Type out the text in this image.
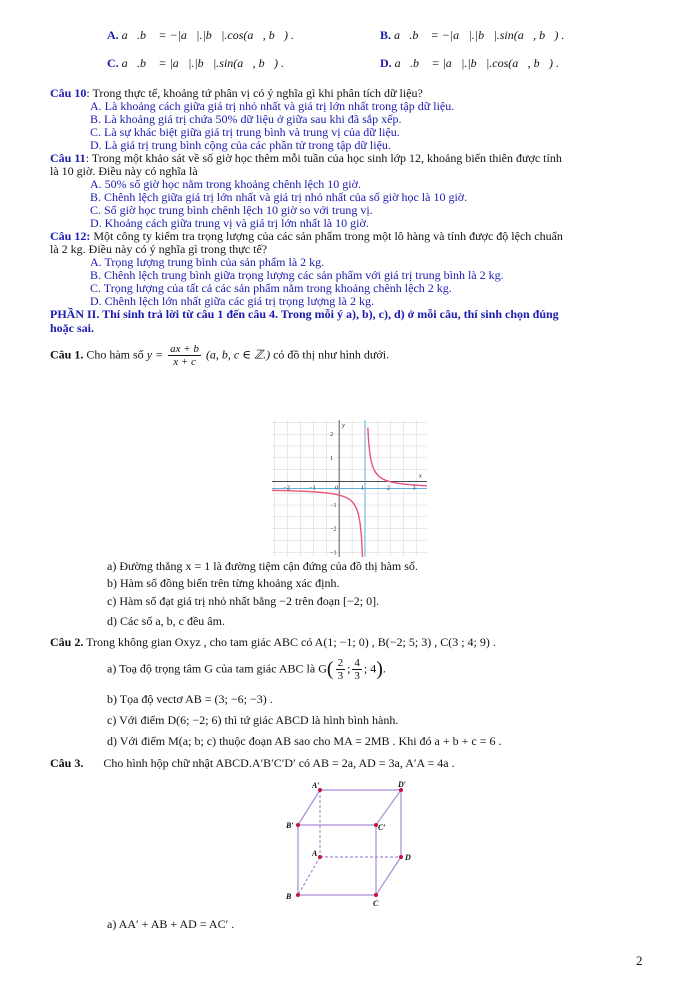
A. a⃗.b⃗ = −|a⃗|.|b⃗|.cos(a⃗, b⃗) .	B. a⃗.b⃗ = −|a⃗|.|b⃗|.sin(a⃗, b⃗) .
C. a⃗.b⃗ = |a⃗|.|b⃗|.sin(a⃗, b⃗) .	D. a⃗.b⃗ = |a⃗|.|b⃗|.cos(a⃗, b⃗) .
Câu 10: Trong thực tế, khoảng tứ phân vị có ý nghĩa gì khi phân tích dữ liệu?
A. Là khoảng cách giữa giá trị nhỏ nhất và giá trị lớn nhất trong tập dữ liệu.
B. Là khoảng giá trị chứa 50% dữ liệu ở giữa sau khi đã sắp xếp.
C. Là sự khác biệt giữa giá trị trung bình và trung vị của dữ liệu.
D. Là giá trị trung bình cộng của các phần tử trong tập dữ liệu.
Câu 11: Trong một khảo sát về số giờ học thêm mỗi tuần của học sinh lớp 12, khoảng biến thiên được tính
là 10 giờ. Điều này có nghĩa là
A. 50% số giờ học nằm trong khoảng chênh lệch 10 giờ.
B. Chênh lệch giữa giá trị lớn nhất và giá trị nhỏ nhất của số giờ học là 10 giờ.
C. Số giờ học trung bình chênh lệch 10 giờ so với trung vị.
D. Khoảng cách giữa trung vị và giá trị lớn nhất là 10 giờ.
Câu 12: Một công ty kiểm tra trọng lượng của các sản phẩm trong một lô hàng và tính được độ lệch chuẩn
là 2 kg. Điều này có ý nghĩa gì trong thực tế?
A. Trọng lượng trung bình của sản phẩm là 2 kg.
B. Chênh lệch trung bình giữa trọng lượng các sản phẩm với giá trị trung bình là 2 kg.
C. Trọng lượng của tất cả các sản phẩm nằm trong khoảng chênh lệch 2 kg.
D. Chênh lệch lớn nhất giữa các giá trị trọng lượng là 2 kg.
PHẦN II. Thí sinh trả lời từ câu 1 đến câu 4. Trong mỗi ý a), b), c), d) ở mỗi câu, thí sinh chọn đúng
hoặc sai.
Câu 1. Cho hàm số $y = \frac{ax + b}{x + c} (a$, b, c ∈ ℤ.) có đồ thị như hình dưới.
−2	−1	0	1	2	3
2
1
−1
−2
−3
x
y
a) Đường thẳng x = 1 là đường tiệm cận đứng của đồ thị hàm số.
b) Hàm số đồng biến trên từng khoảng xác định.
c) Hàm số đạt giá trị nhỏ nhất bằng −2 trên đoạn [−2; 0].
d) Các số a, b, c đều âm.
Câu 2. Trong không gian Oxyz , cho tam giác ABC có A(1; −1; 0) , B(−2; 5; 3) , C(3 ; 4; 9) .
a) Toạ độ trọng tâm G của tam giác ABC là $G( \frac{2}{3}$ ; $\frac{4}{3}$ ; 4).
b) Tọa độ vectơ AB = (3; −6; −3) .
c) Với điểm D(6; −2; 6) thì tứ giác ABCD là hình bình hành.
d) Với điểm M(a; b; c) thuộc đoạn AB sao cho MA = 2MB . Khi đó a + b + c = 6 .
Câu 3. Cho hình hộp chữ nhật ABCD.A′B′C′D′ có AB = 2a, AD = 3a, A′A = 4a .
A′	D′
B′	C′
A	D
B
C
a) AA′ + AB + AD = AC′ .
2
